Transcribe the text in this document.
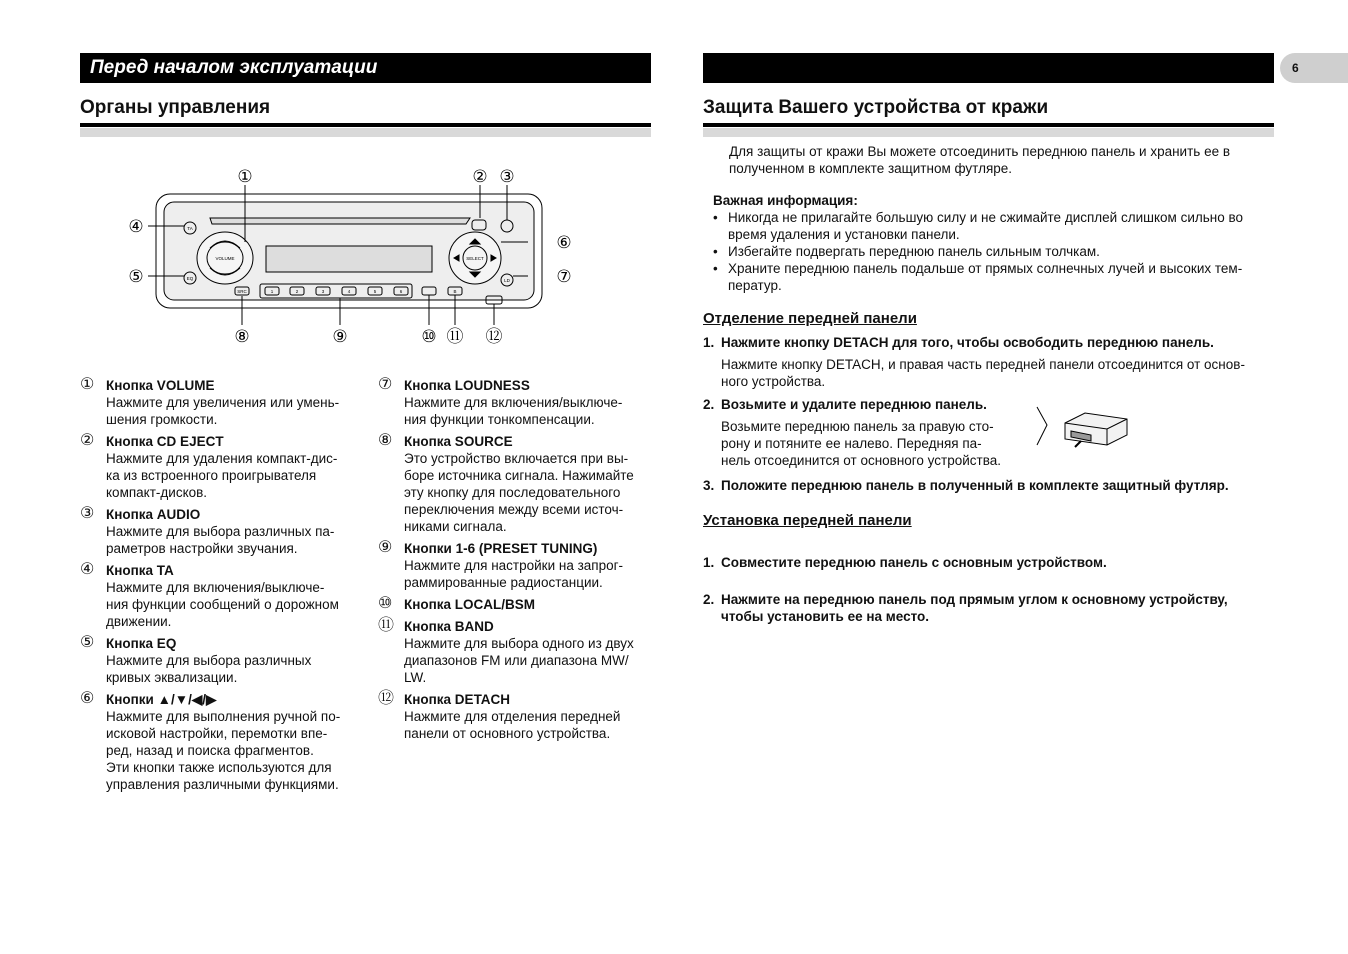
Перед началом эксплуатации
Органы управления
TA
EQ
VOLUME	SELECT
SRC
LD
1	2	3	4	5	6	B
①	② ③
④
⑤
⑥
⑦
⑧	⑨	⑩ ⑪ ⑫
① Кнопка VOLUME
Нажмите для увеличения или умень-
шения громкости.
② Кнопка CD EJECT
Нажмите для удаления компакт-дис-
ка из встроенного проигрывателя
компакт-дисков.
③ Кнопка AUDIO
Нажмите для выбора различных па-
раметров настройки звучания.
④ Кнопка TA
Нажмите для включения/выключе-
ния функции сообщений о дорожном
движении.
⑤ Кнопка EQ
Нажмите для выбора различных
кривых эквализации.
⑥ Кнопки ▲/▼/◀/▶
Нажмите для выполнения ручной по-
исковой настройки, перемотки впе-
ред, назад и поиска фрагментов.
Эти кнопки также используются для
управления различными функциями.
⑦ Кнопка LOUDNESS
Нажмите для включения/выключе-
ния функции тонкомпенсации.
⑧ Кнопка SOURCE
Это устройство включается при вы-
боре источника сигнала. Нажимайте
эту кнопку для последовательного
переключения между всеми источ-
никами сигнала.
⑨ Кнопки 1-6 (PRESET TUNING)
Нажмите для настройки на запрог-
раммированные радиостанции.
⑩ Кнопка LOCAL/BSM
⑪ Кнопка BAND
Нажмите для выбора одного из двух
диапазонов FM или диапазона MW/
LW.
⑫ Кнопка DETACH
Нажмите для отделения передней
панели от основного устройства.
6
Защита Вашего устройства от кражи
Для защиты от кражи Вы можете отсоединить переднюю панель и хранить ее в
полученном в комплекте защитном футляре.
Важная информация:
• Никогда не прилагайте большую силу и не сжимайте дисплей слишком сильно во
время удаления и установки панели.
• Избегайте подвергать переднюю панель сильным толчкам.
• Храните переднюю панель подальше от прямых солнечных лучей и высоких тем-
ператур.
Отделение передней панели
1. Нажмите кнопку DETACH для того, чтобы освободить переднюю панель.
Нажмите кнопку DETACH, и правая часть передней панели отсоединится от основ-
ного устройства.
2. Возьмите и удалите переднюю панель.
Возьмите переднюю панель за правую сто-
рону и потяните ее налево. Передняя па-
нель отсоединится от основного устройства.
3. Положите переднюю панель в полученный в комплекте защитный футляр.
Установка передней панели
1. Совместите переднюю панель с основным устройством.
2. Нажмите на переднюю панель под прямым углом к основному устройству,
чтобы установить ее на место.
